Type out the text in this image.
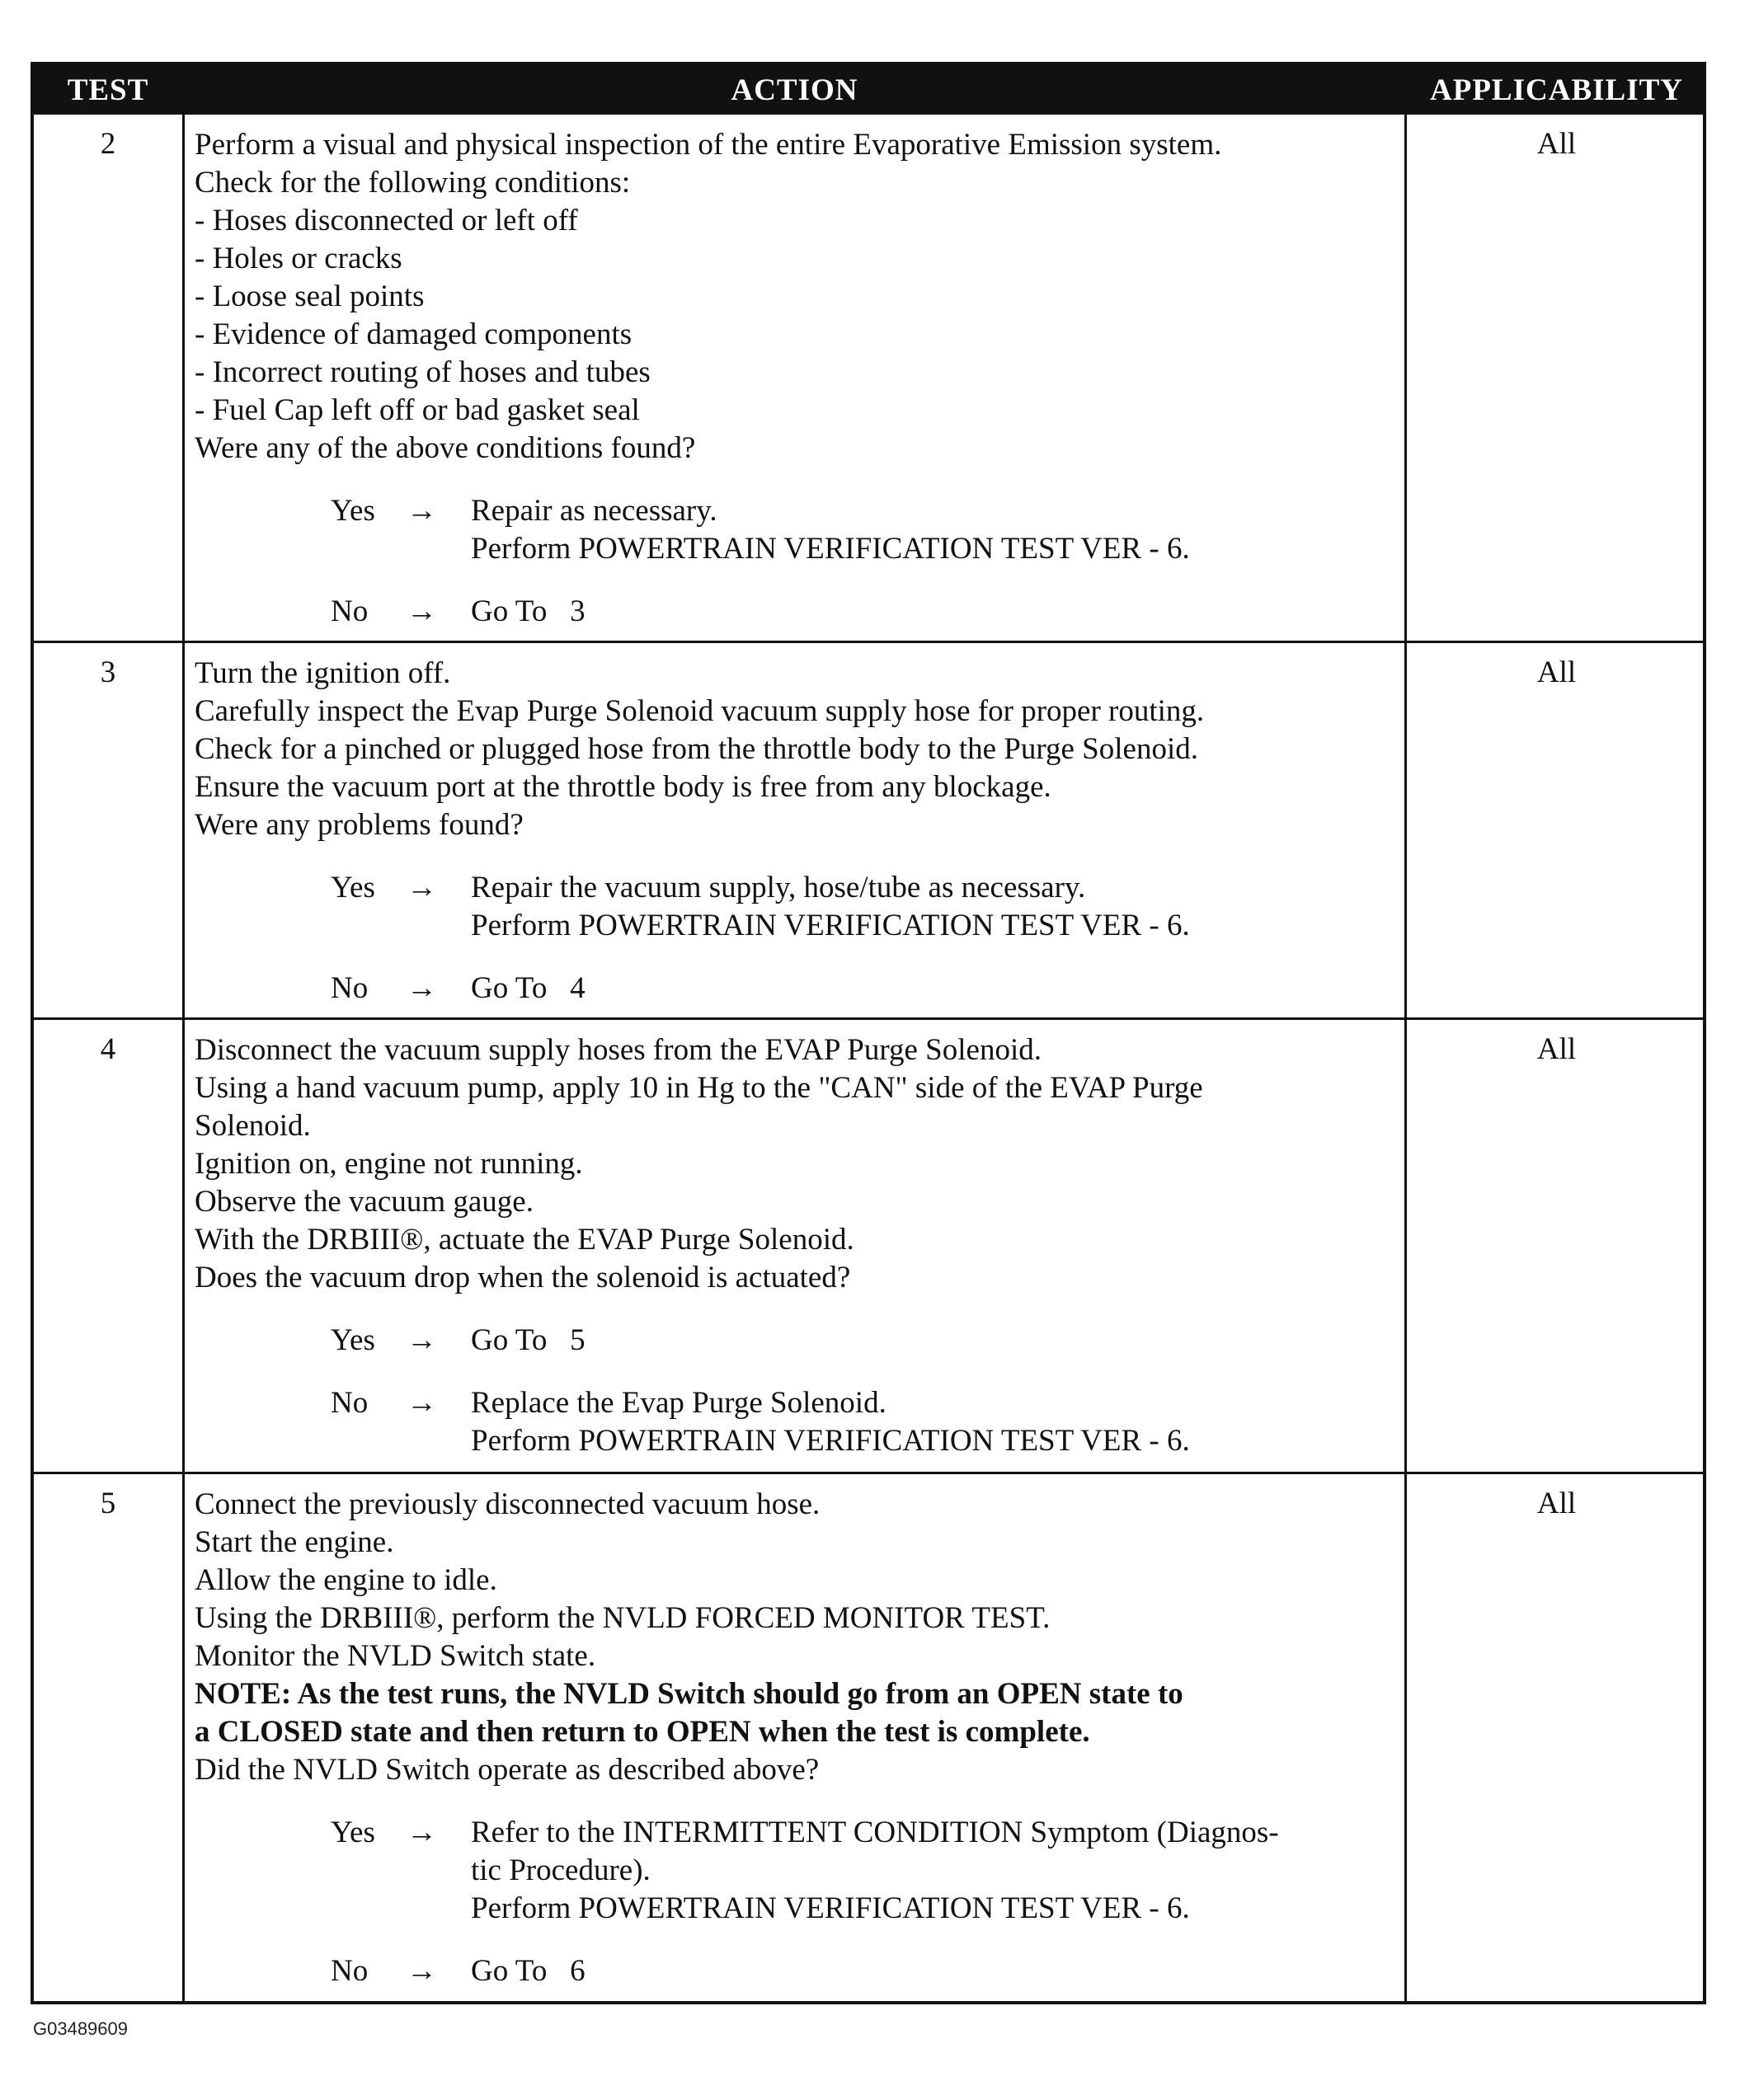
TEST	ACTION	APPLICABILITY
2	Perform a visual and physical inspection of the entire Evaporative Emission system.
Check for the following conditions:
- Hoses disconnected or left off
- Holes or cracks
- Loose seal points
- Evidence of damaged components
- Incorrect routing of hoses and tubes
- Fuel Cap left off or bad gasket seal
Were any of the above conditions found?
Yes → Repair as necessary.
Perform POWERTRAIN VERIFICATION TEST VER - 6.
No → Go To   3
All
3	Turn the ignition off.
Carefully inspect the Evap Purge Solenoid vacuum supply hose for proper routing.
Check for a pinched or plugged hose from the throttle body to the Purge Solenoid.
Ensure the vacuum port at the throttle body is free from any blockage.
Were any problems found?
Yes → Repair the vacuum supply, hose/tube as necessary.
Perform POWERTRAIN VERIFICATION TEST VER - 6.
No → Go To   4
All
4	Disconnect the vacuum supply hoses from the EVAP Purge Solenoid.
Using a hand vacuum pump, apply 10 in Hg to the "CAN" side of the EVAP Purge
Solenoid.
Ignition on, engine not running.
Observe the vacuum gauge.
With the DRBIII®, actuate the EVAP Purge Solenoid.
Does the vacuum drop when the solenoid is actuated?
Yes → Go To   5
No → Replace the Evap Purge Solenoid.
Perform POWERTRAIN VERIFICATION TEST VER - 6.
All
5	Connect the previously disconnected vacuum hose.
Start the engine.
Allow the engine to idle.
Using the DRBIII®, perform the NVLD FORCED MONITOR TEST.
Monitor the NVLD Switch state.
NOTE: As the test runs, the NVLD Switch should go from an OPEN state to
a CLOSED state and then return to OPEN when the test is complete.
Did the NVLD Switch operate as described above?
Yes → Refer to the INTERMITTENT CONDITION Symptom (Diagnos-
tic Procedure).
Perform POWERTRAIN VERIFICATION TEST VER - 6.
No → Go To   6
All
G03489609
